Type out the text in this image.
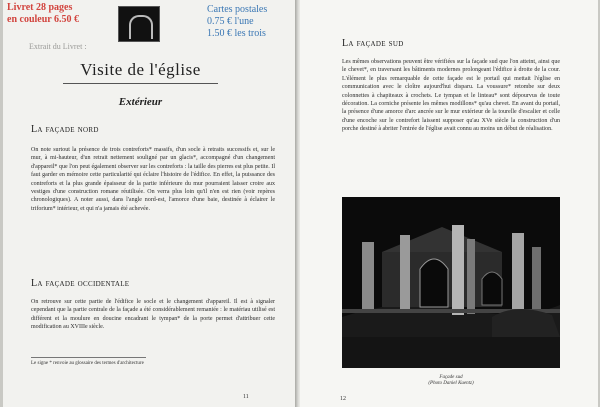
Livret 28 pages
en couleur 6.50 €
Cartes postales
0.75 € l'une
1.50 € les trois
Extrait du Livret :
Visite de l'église
Extérieur
La façade nord

On note surtout la présence de trois contreforts* massifs, d'un socle à retraits successifs et, sur le mur, à mi-hauteur, d'un retrait nettement souligné par un glacis*, accompagné d'un changement d'appareil* que l'on peut également observer sur les contreforts : la taille des pierres est plus petite. Il faut garder en mémoire cette particularité qui éclaire l'histoire de l'édifice. En effet, la puissance des contreforts et la plus grande épaisseur de la partie inférieure du mur pourraient laisser croire aux vestiges d'une construction romane réutilisée. On verra plus loin qu'il n'en est rien (voir repères chronologiques). A noter aussi, dans l'angle nord-est, l'amorce d'une baie, destinée à éclairer le triforium* intérieur, et qui n'a jamais été achevée.

La façade occidentale

On retrouve sur cette partie de l'édifice le socle et le changement d'appareil. Il est à signaler cependant que la partie centrale de la façade a été considérablement remaniée : le matériau utilisé est différent et la moulure en doucine encadrant le tympan* de la porte permet d'attribuer cette modification au XVIIIe siècle.

Le signe * renvoie au glossaire des termes d'architecture

11
La façade sud

Les mêmes observations peuvent être vérifiées sur la façade sud que l'on atteint, ainsi que le chevet*, en traversant les bâtiments modernes prolongeant l'édifice à droite de la cour. L'élément le plus remarquable de cette façade est le portail qui mettait l'église en communication avec le cloître aujourd'hui disparu. La voussure* retombe sur deux colonnettes à chapiteaux à crochets. Le tympan et le linteau* sont dépourvus de toute décoration. La corniche présente les mêmes modillons* qu'au chevet. En avant du portail, la présence d'une amorce d'arc ancrée sur le mur extérieur de la tourelle d'escalier et celle d'une encoche sur le contrefort laissent supposer qu'au XVe siècle la construction d'un porche destiné à abriter l'entrée de l'église avait connu au moins un début de réalisation.

Façade sud
(Photo Daniel Kuentz)

12
